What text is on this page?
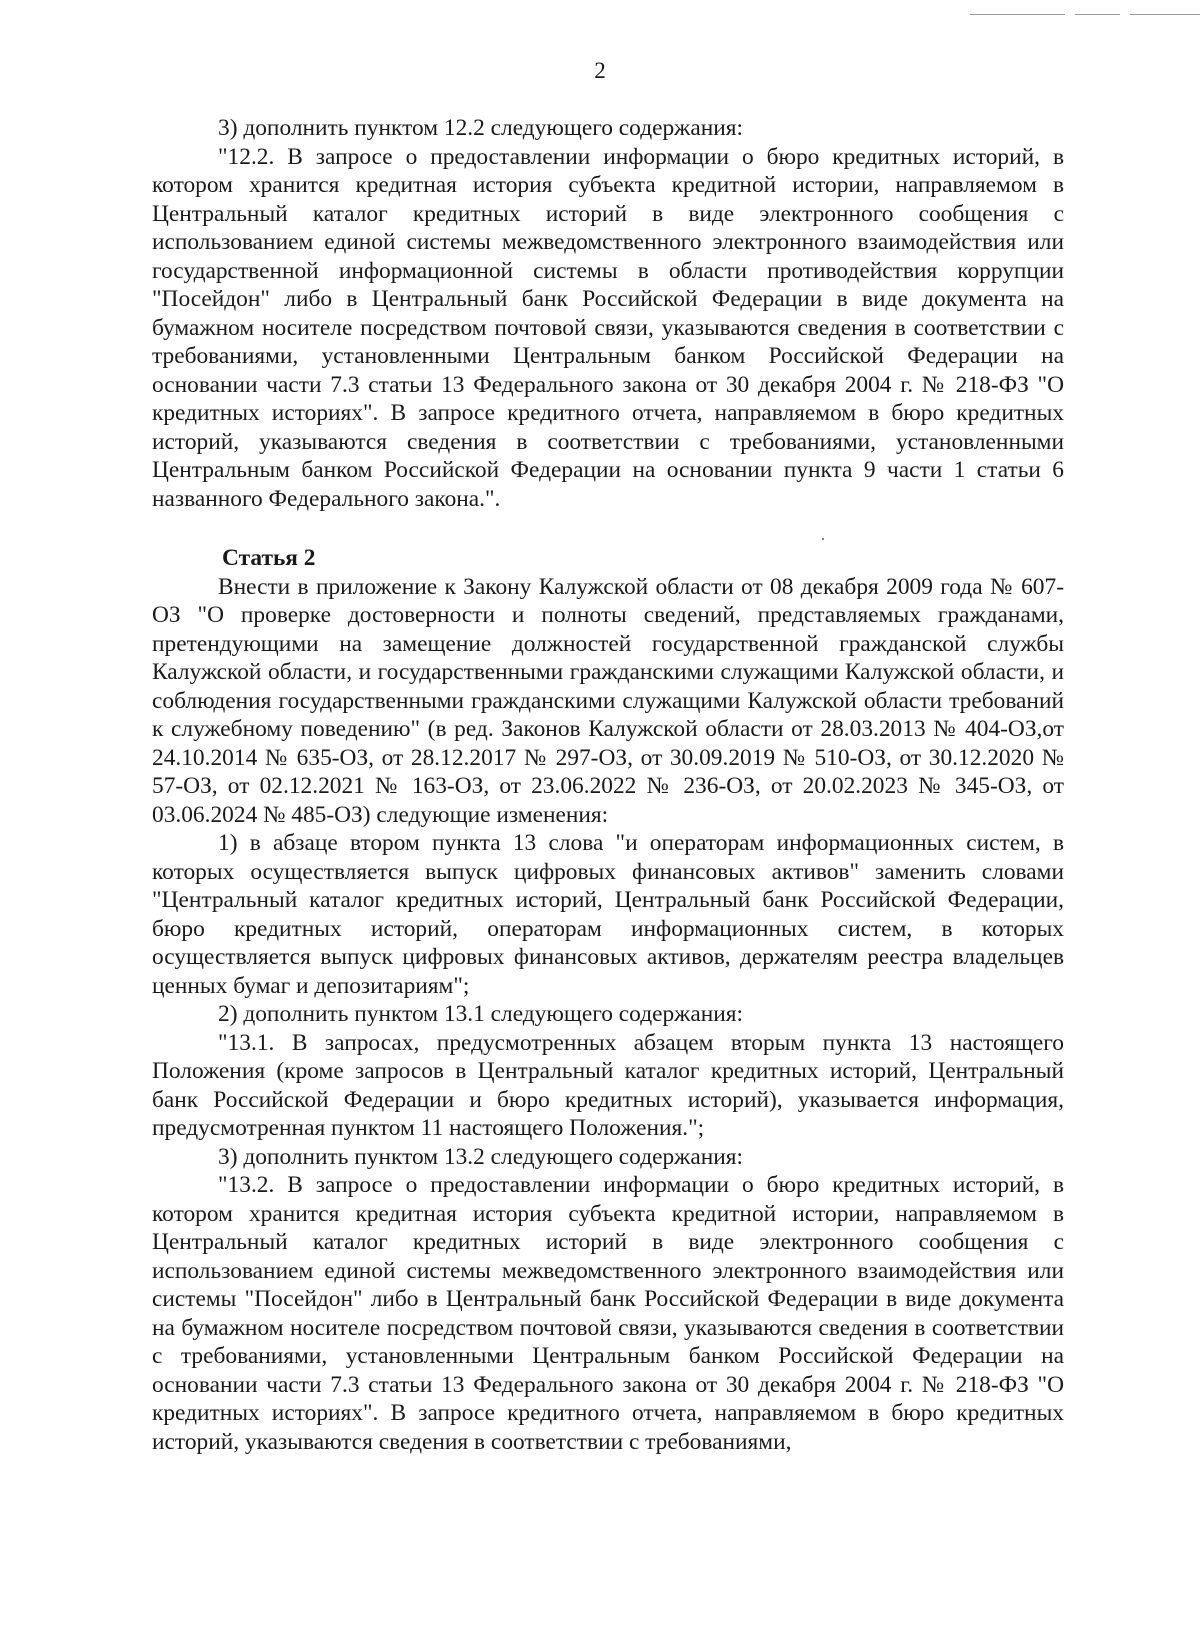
2

3) дополнить пунктом 12.2 следующего содержания:

"12.2. В запросе о предоставлении информации о бюро кредитных историй, в котором хранится кредитная история субъекта кредитной истории, направляемом в Центральный каталог кредитных историй в виде электронного сообщения с использованием единой системы межведомственного электронного взаимодействия или государственной информационной системы в области противодействия коррупции "Посейдон" либо в Центральный банк Российской Федерации в виде документа на бумажном носителе посредством почтовой связи, указываются сведения в соответствии с требованиями, установленными Центральным банком Российской Федерации на основании части 7.3 статьи 13 Федерального закона от 30 декабря 2004 г. № 218-ФЗ "О кредитных историях". В запросе кредитного отчета, направляемом в бюро кредитных историй, указываются сведения в соответствии с требованиями, установленными Центральным банком Российской Федерации на основании пункта 9 части 1 статьи 6 названного Федерального закона.".

Статья 2

Внести в приложение к Закону Калужской области от 08 декабря 2009 года № 607-ОЗ "О проверке достоверности и полноты сведений, представляемых гражданами, претендующими на замещение должностей государственной гражданской службы Калужской области, и государственными гражданскими служащими Калужской области, и соблюдения государственными гражданскими служащими Калужской области требований к служебному поведению" (в ред. Законов Калужской области от 28.03.2013 № 404-ОЗ,от 24.10.2014 № 635-ОЗ, от 28.12.2017 № 297-ОЗ, от 30.09.2019 № 510-ОЗ, от 30.12.2020 № 57-ОЗ, от 02.12.2021 № 163-ОЗ, от 23.06.2022 № 236-ОЗ, от 20.02.2023 № 345-ОЗ, от 03.06.2024 № 485-ОЗ) следующие изменения:

1) в абзаце втором пункта 13 слова "и операторам информационных систем, в которых осуществляется выпуск цифровых финансовых активов" заменить словами "Центральный каталог кредитных историй, Центральный банк Российской Федерации, бюро кредитных историй, операторам информационных систем, в которых осуществляется выпуск цифровых финансовых активов, держателям реестра владельцев ценных бумаг и депозитариям";

2) дополнить пунктом 13.1 следующего содержания:

"13.1. В запросах, предусмотренных абзацем вторым пункта 13 настоящего Положения (кроме запросов в Центральный каталог кредитных историй, Центральный банк Российской Федерации и бюро кредитных историй), указывается информация, предусмотренная пунктом 11 настоящего Положения.";

3) дополнить пунктом 13.2 следующего содержания:

"13.2. В запросе о предоставлении информации о бюро кредитных историй, в котором хранится кредитная история субъекта кредитной истории, направляемом в Центральный каталог кредитных историй в виде электронного сообщения с использованием единой системы межведомственного электронного взаимодействия или системы "Посейдон" либо в Центральный банк Российской Федерации в виде документа на бумажном носителе посредством почтовой связи, указываются сведения в соответствии с требованиями, установленными Центральным банком Российской Федерации на основании части 7.3 статьи 13 Федерального закона от 30 декабря 2004 г. № 218-ФЗ "О кредитных историях". В запросе кредитного отчета, направляемом в бюро кредитных историй, указываются сведения в соответствии с требованиями,
